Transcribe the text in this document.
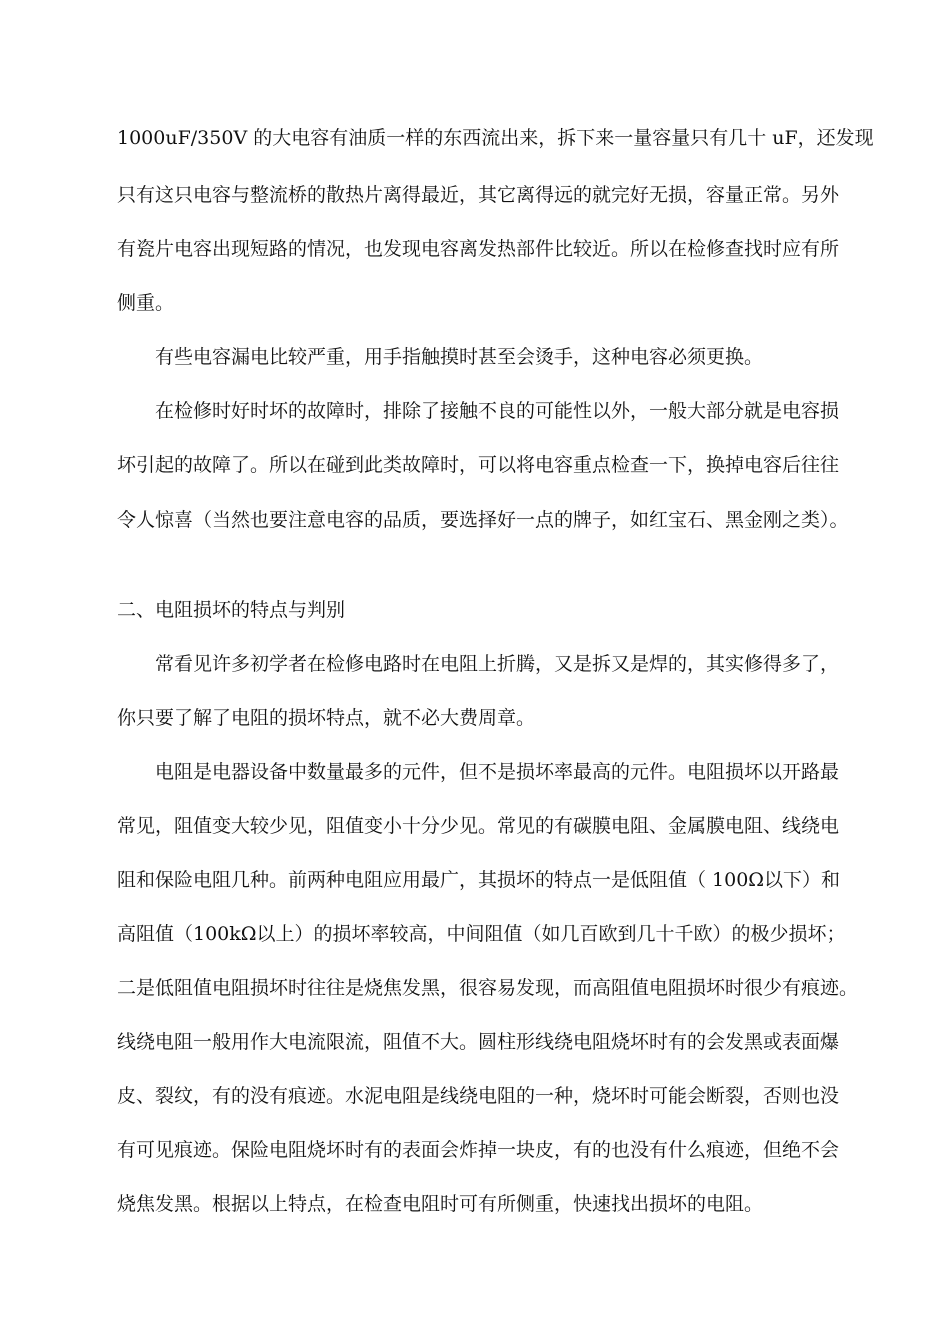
1000uF/350V 的大电容有油质一样的东西流出来，拆下来一量容量只有几十 uF，还发现
只有这只电容与整流桥的散热片离得最近，其它离得远的就完好无损，容量正常。另外
有瓷片电容出现短路的情况，也发现电容离发热部件比较近。所以在检修查找时应有所
侧重。
有些电容漏电比较严重，用手指触摸时甚至会烫手，这种电容必须更换。
在检修时好时坏的故障时，排除了接触不良的可能性以外，一般大部分就是电容损
坏引起的故障了。所以在碰到此类故障时，可以将电容重点检查一下，换掉电容后往往
令人惊喜（当然也要注意电容的品质，要选择好一点的牌子，如红宝石、黑金刚之类）。
二、电阻损坏的特点与判别
常看见许多初学者在检修电路时在电阻上折腾，又是拆又是焊的，其实修得多了，
你只要了解了电阻的损坏特点，就不必大费周章。
电阻是电器设备中数量最多的元件，但不是损坏率最高的元件。电阻损坏以开路最
常见，阻值变大较少见，阻值变小十分少见。常见的有碳膜电阻、金属膜电阻、线绕电
阻和保险电阻几种。前两种电阻应用最广，其损坏的特点一是低阻值（ 100Ω以下）和
高阻值（100kΩ以上）的损坏率较高，中间阻值（如几百欧到几十千欧）的极少损坏；
二是低阻值电阻损坏时往往是烧焦发黑，很容易发现，而高阻值电阻损坏时很少有痕迹。
线绕电阻一般用作大电流限流，阻值不大。圆柱形线绕电阻烧坏时有的会发黑或表面爆
皮、裂纹，有的没有痕迹。水泥电阻是线绕电阻的一种，烧坏时可能会断裂，否则也没
有可见痕迹。保险电阻烧坏时有的表面会炸掉一块皮，有的也没有什么痕迹，但绝不会
烧焦发黑。根据以上特点，在检查电阻时可有所侧重，快速找出损坏的电阻。
